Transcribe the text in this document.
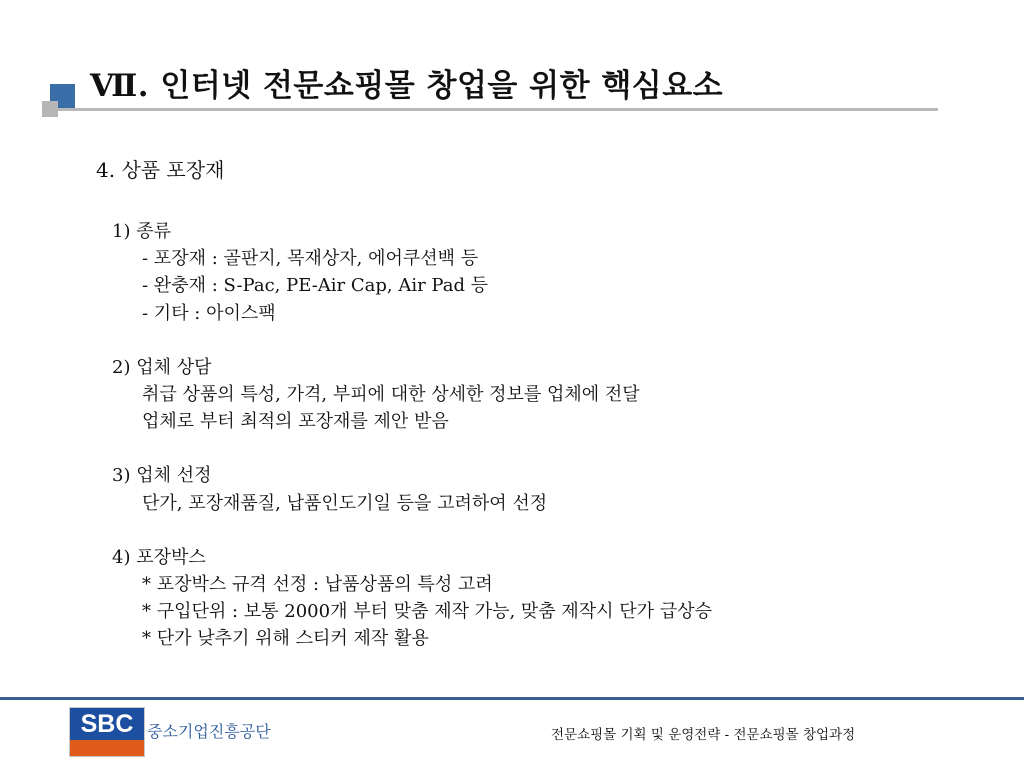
Ⅶ. 인터넷 전문쇼핑몰 창업을 위한 핵심요소
4. 상품 포장재
1) 종류
- 포장재 : 골판지, 목재상자, 에어쿠션백 등
- 완충재 : S-Pac, PE-Air Cap, Air Pad 등
- 기타 : 아이스팩
2) 업체 상담
취급 상품의 특성, 가격, 부피에 대한 상세한 정보를 업체에 전달
업체로 부터 최적의 포장재를 제안 받음
3) 업체 선정
단가, 포장재품질, 납품인도기일 등을 고려하여 선정
4) 포장박스
* 포장박스 규격 선정 : 납품상품의 특성 고려
* 구입단위 : 보통 2000개 부터 맞춤 제작 가능, 맞춤 제작시 단가 급상승
* 단가 낮추기 위해 스티커 제작 활용
SBC 중소기업진흥공단	전문쇼핑몰 기획 및 운영전략 - 전문쇼핑몰 창업과정
